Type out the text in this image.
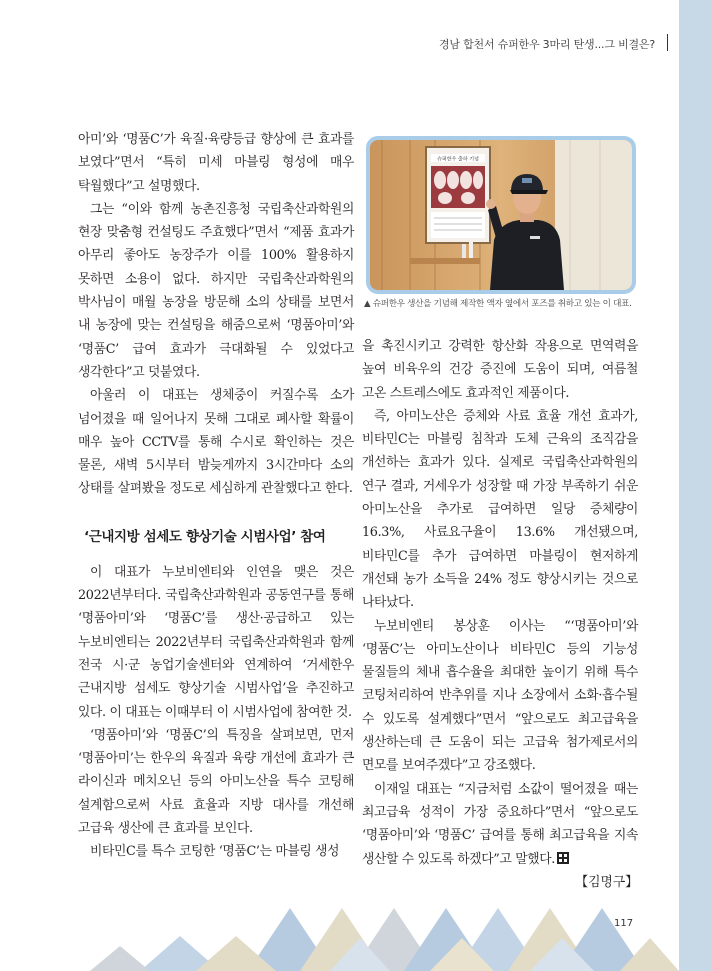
경남 합천서 슈퍼한우 3마리 탄생...그 비결은?

아미’와 ‘명품C’가 육질·육량등급 향상에 큰 효과를 보였다”면서 “특히 미세 마블링 형성에 매우 탁월했다”고 설명했다.

그는 “이와 함께 농촌진흥청 국립축산과학원의 현장 맞춤형 컨설팅도 주효했다”면서 “제품 효과가 아무리 좋아도 농장주가 이를 100% 활용하지 못하면 소용이 없다. 하지만 국립축산과학원의 박사님이 매월 농장을 방문해 소의 상태를 보면서 내 농장에 맞는 컨설팅을 해줌으로써 ‘명품아미’와 ‘명품C’ 급여 효과가 극대화될 수 있었다고 생각한다”고 덧붙였다.

아울러 이 대표는 생체중이 커질수록 소가 넘어졌을 때 일어나지 못해 그대로 폐사할 확률이 매우 높아 CCTV를 통해 수시로 확인하는 것은 물론, 새벽 5시부터 밤늦게까지 3시간마다 소의 상태를 살펴봤을 정도로 세심하게 관찰했다고 한다.

‘근내지방 섬세도 향상기술 시범사업’ 참여

이 대표가 누보비엔티와 인연을 맺은 것은 2022년부터다. 국립축산과학원과 공동연구를 통해 ‘명품아미’와 ‘명품C’를 생산·공급하고 있는 누보비엔티는 2022년부터 국립축산과학원과 함께 전국 시·군 농업기술센터와 연계하여 ‘거세한우 근내지방 섬세도 향상기술 시범사업’을 추진하고 있다. 이 대표는 이때부터 이 시범사업에 참여한 것.

‘명품아미’와 ‘명품C’의 특징을 살펴보면, 먼저 ‘명품아미’는 한우의 육질과 육량 개선에 효과가 큰 라이신과 메치오닌 등의 아미노산을 특수 코팅해 설계함으로써 사료 효율과 지방 대사를 개선해 고급육 생산에 큰 효과를 보인다.

비타민C를 특수 코팅한 ‘명품C’는 마블링 생성

슈퍼한우 출하 기념
▲ 슈퍼한우 생산을 기념해 제작한 액자 옆에서 포즈를 취하고 있는 이 대표.

을 촉진시키고 강력한 항산화 작용으로 면역력을 높여 비육우의 건강 증진에 도움이 되며, 여름철 고온 스트레스에도 효과적인 제품이다.

즉, 아미노산은 증체와 사료 효율 개선 효과가, 비타민C는 마블링 침착과 도체 근육의 조직감을 개선하는 효과가 있다. 실제로 국립축산과학원의 연구 결과, 거세우가 성장할 때 가장 부족하기 쉬운 아미노산을 추가로 급여하면 일당 증체량이 16.3%, 사료요구율이 13.6% 개선됐으며, 비타민C를 추가 급여하면 마블링이 현저하게 개선돼 농가 소득을 24% 정도 향상시키는 것으로 나타났다.

누보비엔티 봉상훈 이사는 “‘명품아미’와 ‘명품C’는 아미노산이나 비타민C 등의 기능성 물질들의 체내 흡수율을 최대한 높이기 위해 특수 코팅처리하여 반추위를 지나 소장에서 소화·흡수될 수 있도록 설계했다”면서 “앞으로도 최고급육을 생산하는데 큰 도움이 되는 고급육 첨가제로서의 면모를 보여주겠다”고 강조했다.

이재일 대표는 “지금처럼 소값이 떨어졌을 때는 최고급육 성적이 가장 중요하다”면서 “앞으로도 ‘명품아미’와 ‘명품C’ 급여를 통해 최고급육을 지속 생산할 수 있도록 하겠다”고 말했다.

【김명구】

117
